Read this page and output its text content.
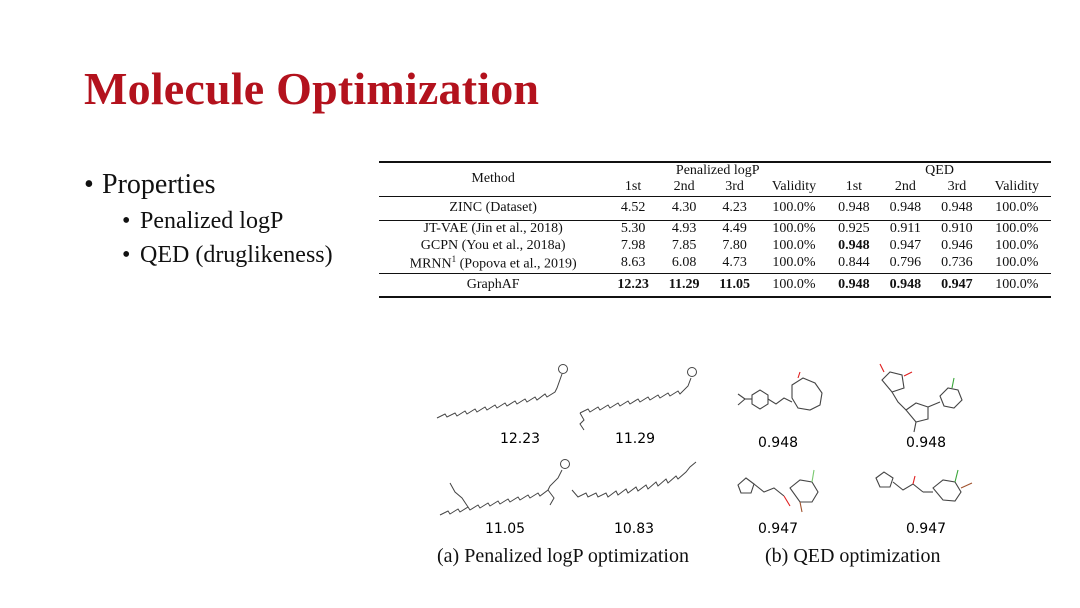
Molecule Optimization
• Properties
• Penalized logP
• QED (druglikeness)
Method	Penalized logP				QED			
	1st	2nd	3rd	Validity	1st	2nd	3rd	Validity
ZINC (Dataset)	4.52	4.30	4.23	100.0%	0.948	0.948	0.948	100.0%
JT-VAE (Jin et al., 2018)	5.30	4.93	4.49	100.0%	0.925	0.911	0.910	100.0%
GCPN (You et al., 2018a)	7.98	7.85	7.80	100.0%	0.948	0.947	0.946	100.0%
MRNN$^1$ (Popova et al., 2019)	8.63	6.08	4.73	100.0%	0.844	0.796	0.736	100.0%
GraphAF	12.23	11.29	11.05	100.0%	0.948	0.948	0.947	100.0%
12.23	11.29
11.05	10.83
0.948	0.948
0.947	0.947
(a) Penalized logP optimization	(b) QED optimization
